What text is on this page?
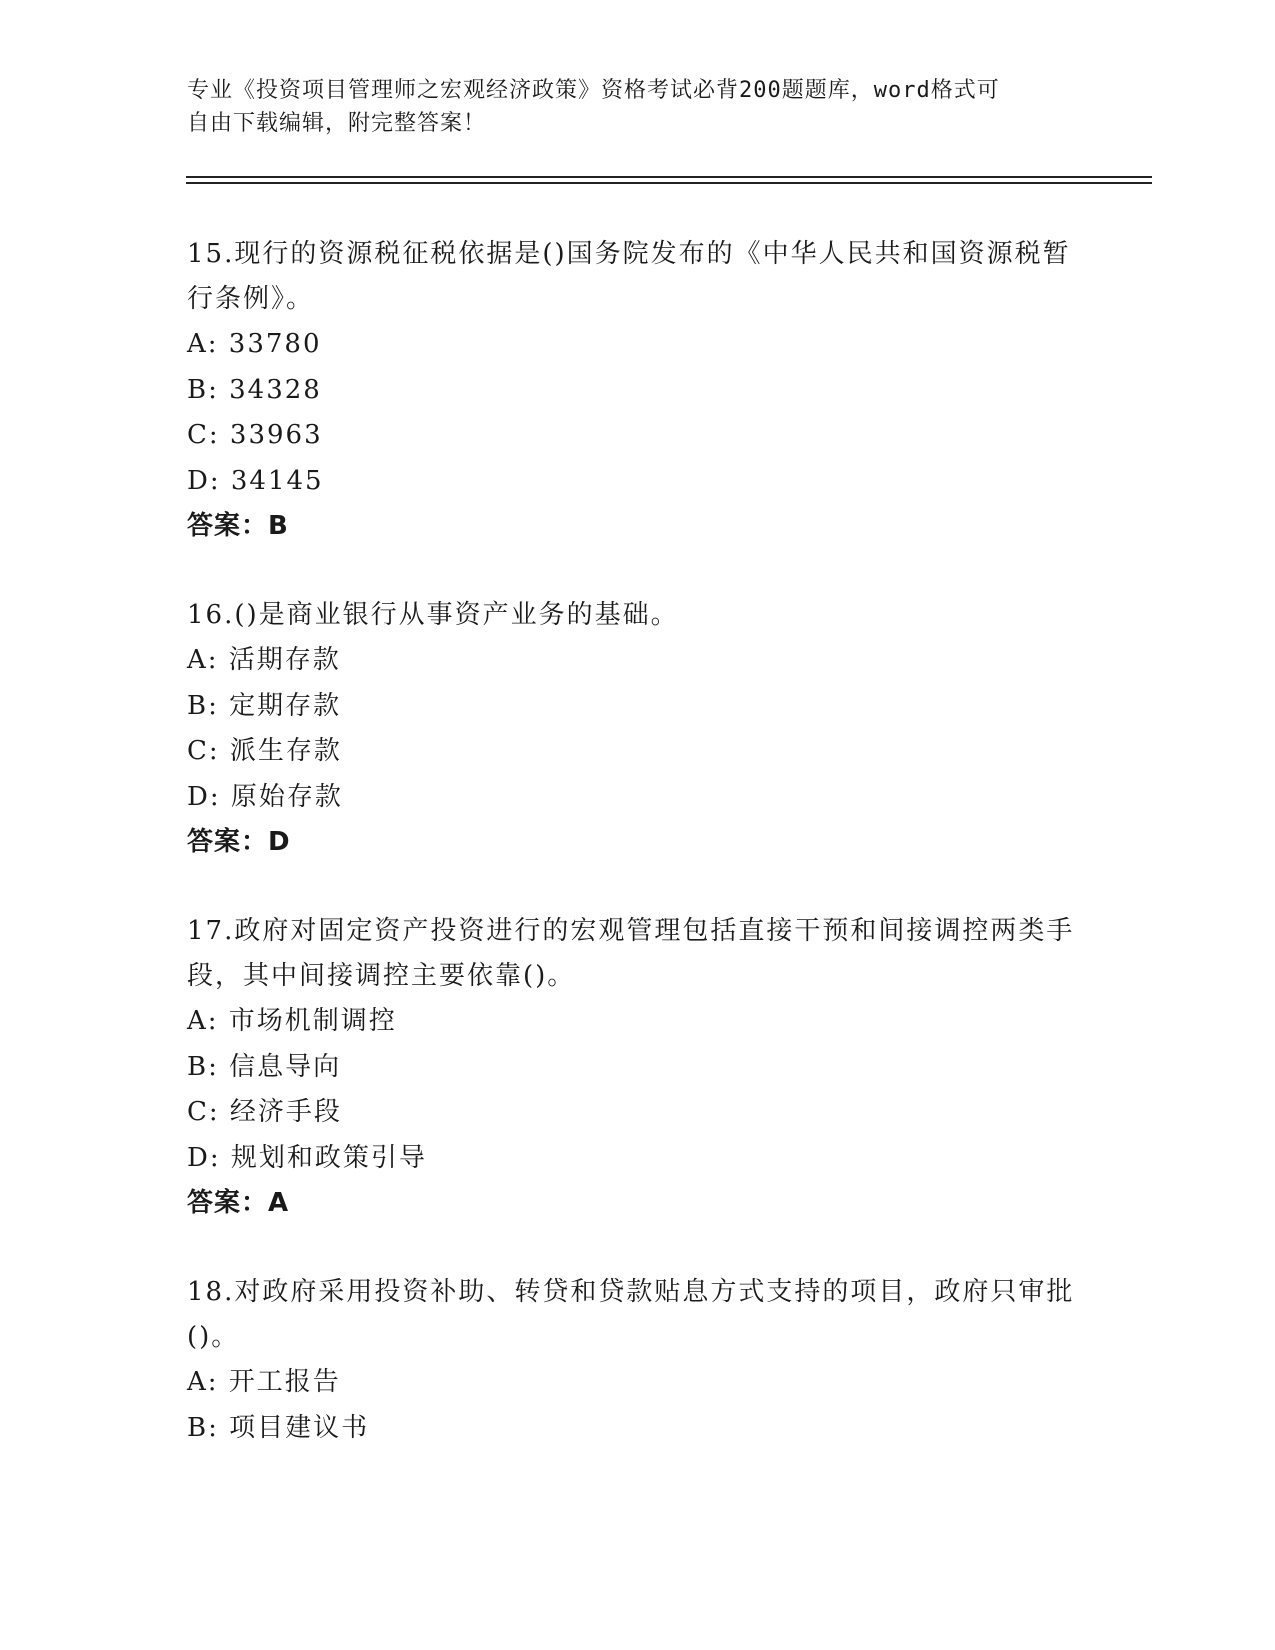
专业《投资项目管理师之宏观经济政策》资格考试必背200题题库，word格式可
自由下载编辑，附完整答案！

15.现行的资源税征税依据是()国务院发布的《中华人民共和国资源税暂行条例》。

A: 33780

B: 34328

C: 33963

D: 34145

答案：B

16.()是商业银行从事资产业务的基础。

A: 活期存款

B: 定期存款

C: 派生存款

D: 原始存款

答案：D

17.政府对固定资产投资进行的宏观管理包括直接干预和间接调控两类手段，其中间接调控主要依靠()。

A: 市场机制调控

B: 信息导向

C: 经济手段

D: 规划和政策引导

答案：A

18.对政府采用投资补助、转贷和贷款贴息方式支持的项目，政府只审批()。

A: 开工报告

B: 项目建议书
